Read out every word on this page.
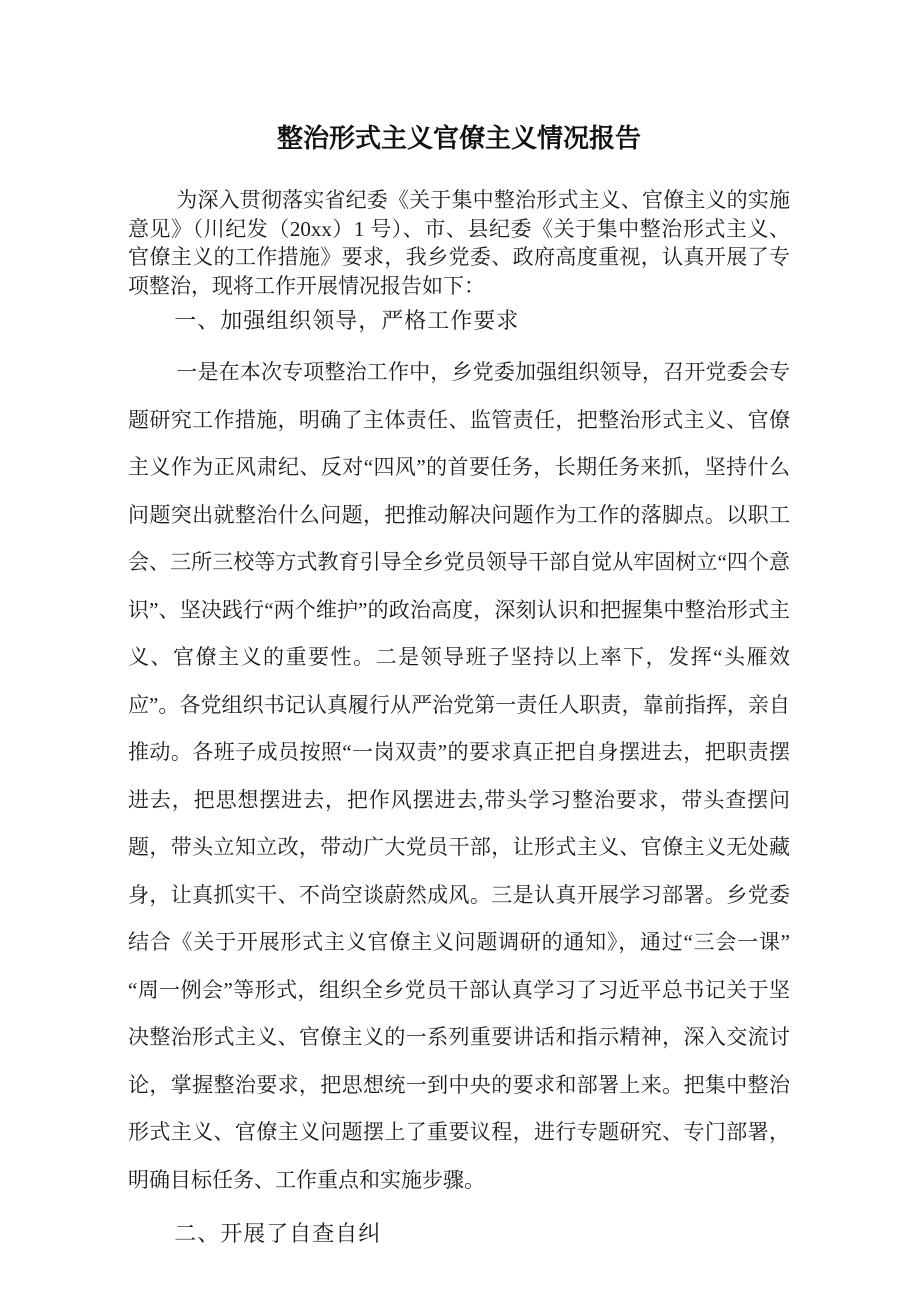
整治形式主义官僚主义情况报告

为深入贯彻落实省纪委《关于集中整治形式主义、官僚主义的实施意见》（川纪发（20xx）1 号）、市、县纪委《关于集中整治形式主义、官僚主义的工作措施》要求，我乡党委、政府高度重视，认真开展了专项整治，现将工作开展情况报告如下：

一、加强组织领导，严格工作要求

一是在本次专项整治工作中，乡党委加强组织领导，召开党委会专题研究工作措施，明确了主体责任、监管责任，把整治形式主义、官僚主义作为正风肃纪、反对“四风”的首要任务，长期任务来抓，坚持什么问题突出就整治什么问题，把推动解决问题作为工作的落脚点。以职工会、三所三校等方式教育引导全乡党员领导干部自觉从牢固树立“四个意识”、坚决践行“两个维护”的政治高度，深刻认识和把握集中整治形式主义、官僚主义的重要性。二是领导班子坚持以上率下，发挥“头雁效应”。各党组织书记认真履行从严治党第一责任人职责，靠前指挥，亲自推动。各班子成员按照“一岗双责”的要求真正把自身摆进去，把职责摆进去，把思想摆进去，把作风摆进去,带头学习整治要求，带头查摆问题，带头立知立改，带动广大党员干部，让形式主义、官僚主义无处藏身，让真抓实干、不尚空谈蔚然成风。三是认真开展学习部署。乡党委结合《关于开展形式主义官僚主义问题调研的通知》，通过“三会一课”“周一例会”等形式，组织全乡党员干部认真学习了习近平总书记关于坚决整治形式主义、官僚主义的一系列重要讲话和指示精神，深入交流讨论，掌握整治要求，把思想统一到中央的要求和部署上来。把集中整治形式主义、官僚主义问题摆上了重要议程，进行专题研究、专门部署，明确目标任务、工作重点和实施步骤。

二、开展了自查自纠
